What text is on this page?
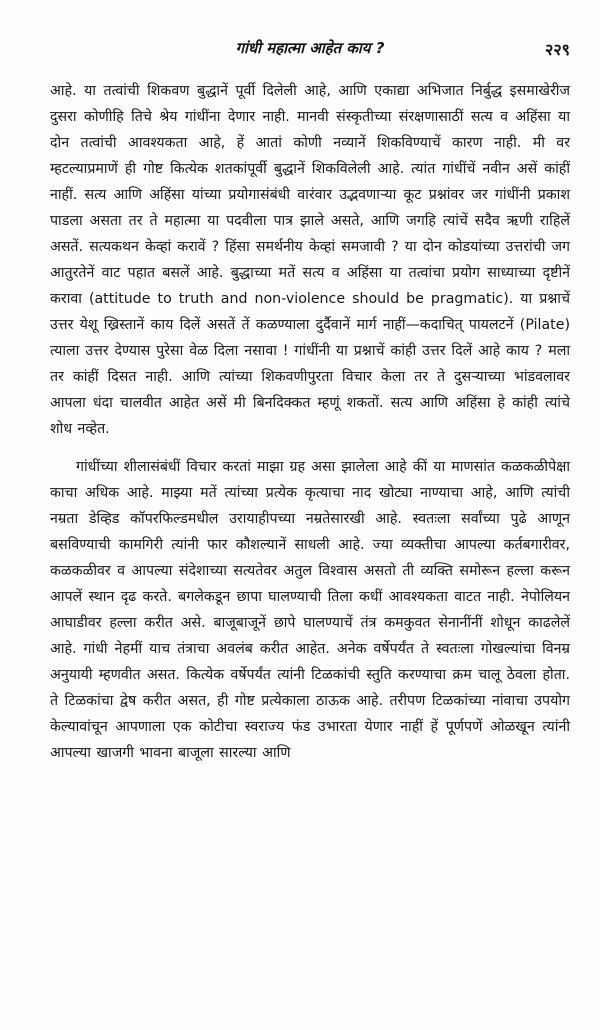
गांधी महात्मा आहेत काय ?	२२९

आहे. या तत्वांची शिकवण बुद्धानें पूर्वी दिलेली आहे, आणि एकाद्या अभिजात निर्बुद्ध इसमाखेरीज दुसरा कोणीहि तिचे श्रेय गांधींना देणार नाही. मानवी संस्कृतीच्या संरक्षणासाठीं सत्य व अहिंसा या दोन तत्वांची आवश्यकता आहे, हें आतां कोणी नव्यानें शिकविण्याचें कारण नाही. मी वर म्हटल्याप्रमाणें ही गोष्ट कित्येक शतकांपूर्वी बुद्धानें शिकविलेली आहे. त्यांत गांधींचें नवीन असें कांहीं नाहीं. सत्य आणि अहिंसा यांच्या प्रयोगासंबंधी वारंवार उद्भवणाऱ्या कूट प्रश्नांवर जर गांधींनी प्रकाश पाडला असता तर ते महात्मा या पदवीला पात्र झाले असते, आणि जगहि त्यांचें सदैव ऋणी राहिलें असतें. सत्यकथन केव्हां करावें ? हिंसा समर्थनीय केव्हां समजावी ? या दोन कोडयांच्या उत्तरांची जग आतुरतेनें वाट पहात बसलें आहे. बुद्धाच्या मतें सत्य व अहिंसा या तत्वांचा प्रयोग साध्याच्या दृष्टीनें करावा (attitude to truth and non-violence should be pragmatic). या प्रश्नाचें उत्तर येशू ख्रिस्तानें काय दिलें असतें तें कळण्याला दुर्दैवानें मार्ग नाहीं—कदाचित् पायलटनें (Pilate) त्याला उत्तर देण्यास पुरेसा वेळ दिला नसावा ! गांधींनी या प्रश्नाचें कांही उत्तर दिलें आहे काय ? मला तर कांहीं दिसत नाही. आणि त्यांच्या शिकवणीपुरता विचार केला तर ते दुसऱ्याच्या भांडवलावर आपला धंदा चालवीत आहेत असें मी बिनदिक्कत म्हणूं शकतों. सत्य आणि अहिंसा हे कांही त्यांचे शोध नव्हेत.

गांधींच्या शीलासंबंधीं विचार करतां माझा ग्रह असा झालेला आहे कीं या माणसांत कळकळीपेक्षा काचा अधिक आहे. माझ्या मतें त्यांच्या प्रत्येक कृत्याचा नाद खोट्या नाण्याचा आहे, आणि त्यांची नम्रता डेव्हिड कॉपरफिल्डमधील उरायाहीपच्या नम्रतेसारखी आहे. स्वतःला सर्वांच्या पुढे आणून बसविण्याची कामगिरी त्यांनी फार कौशल्यानें साधली आहे. ज्या व्यक्तीचा आपल्या कर्तबगारीवर, कळकळीवर व आपल्या संदेशाच्या सत्यतेवर अतुल विश्वास असतो ती व्यक्ति समोरून हल्ला करून आपलें स्थान दृढ करते. बगलेकडून छापा घालण्याची तिला कधीं आवश्यकता वाटत नाही. नेपोलियन आघाडीवर हल्ला करीत असे. बाजूबाजूनें छापे घालण्याचें तंत्र कमकुवत सेनानींनीं शोधून काढलेलें आहे. गांधी नेहमीं याच तंत्राचा अवलंब करीत आहेत. अनेक वर्षेपर्यंत ते स्वतःला गोखल्यांचा विनम्र अनुयायी म्हणवीत असत. कित्येक वर्षेपर्यंत त्यांनी टिळकांची स्तुति करण्याचा क्रम चालू ठेवला होता. ते टिळकांचा द्वेष करीत असत, ही गोष्ट प्रत्येकाला ठाऊक आहे. तरीपण टिळकांच्या नांवाचा उपयोग केल्यावांचून आपणाला एक कोटीचा स्वराज्य फंड उभारता येणार नाहीं हें पूर्णपणें ओळखून त्यांनी आपल्या खाजगी भावना बाजूला सारल्या आणि
